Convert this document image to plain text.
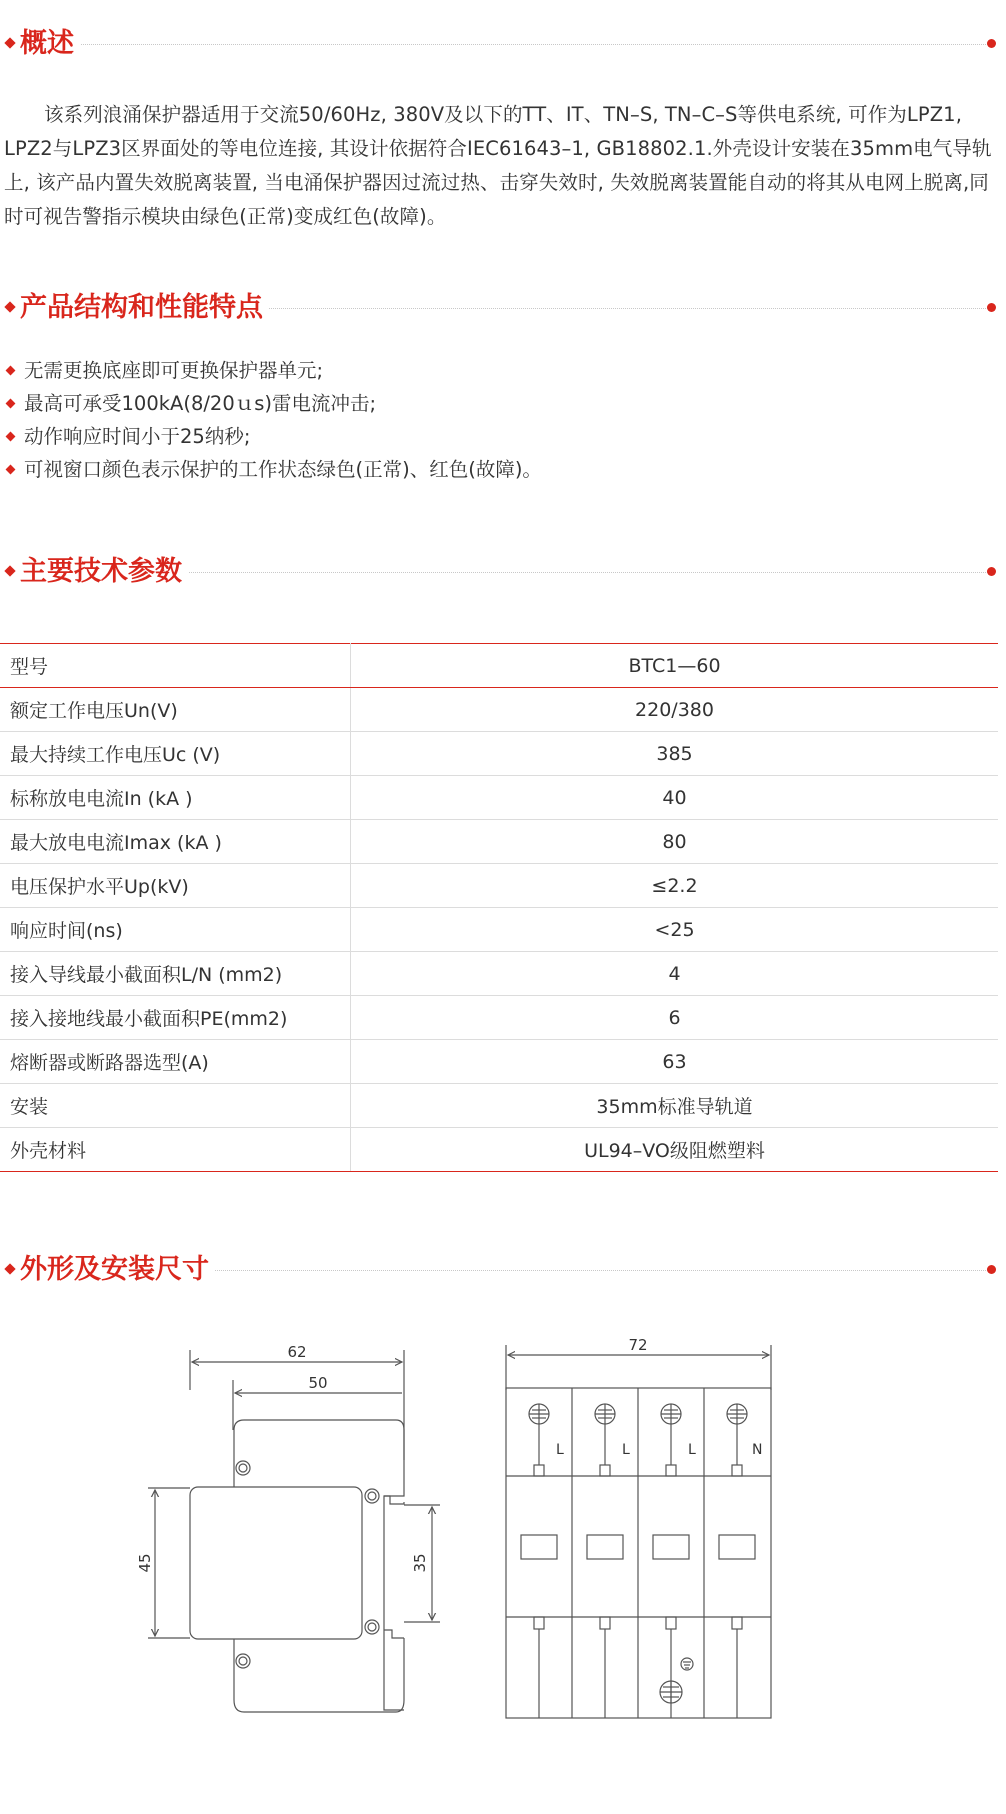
概述

该系列浪涌保护器适用于交流50/60Hz, 380V及以下的TT、IT、TN–S, TN–C–S等供电系统, 可作为LPZ1, LPZ2与LPZ3区界面处的等电位连接, 其设计依据符合IEC61643–1, GB18802.1.外壳设计安装在35mm电气导轨上, 该产品内置失效脱离装置, 当电涌保护器因过流过热、击穿失效时, 失效脱离装置能自动的将其从电网上脱离,同时可视告警指示模块由绿色(正常)变成红色(故障)。

产品结构和性能特点
无需更换底座即可更换保护器单元;
最高可承受100kA(8/20ｕs)雷电流冲击;
动作响应时间小于25纳秒;
可视窗口颜色表示保护的工作状态绿色(正常)、红色(故障)。
主要技术参数
型号	BTC1—60
额定工作电压Un(V)	220/380
最大持续工作电压Uc (V)	385
标称放电电流In (kA )	40
最大放电电流Imax (kA )	80
电压保护水平Up(kV)	≤2.2
响应时间(ns)	<25
接入导线最小截面积L/N (mm2)	4
接入接地线最小截面积PE(mm2)	6
熔断器或断路器选型(A)	63
安装	35mm标准导轨道
外壳材料	UL94–VO级阻燃塑料
外形及安装尺寸
62
50
45	35
72
L	L	L	N
